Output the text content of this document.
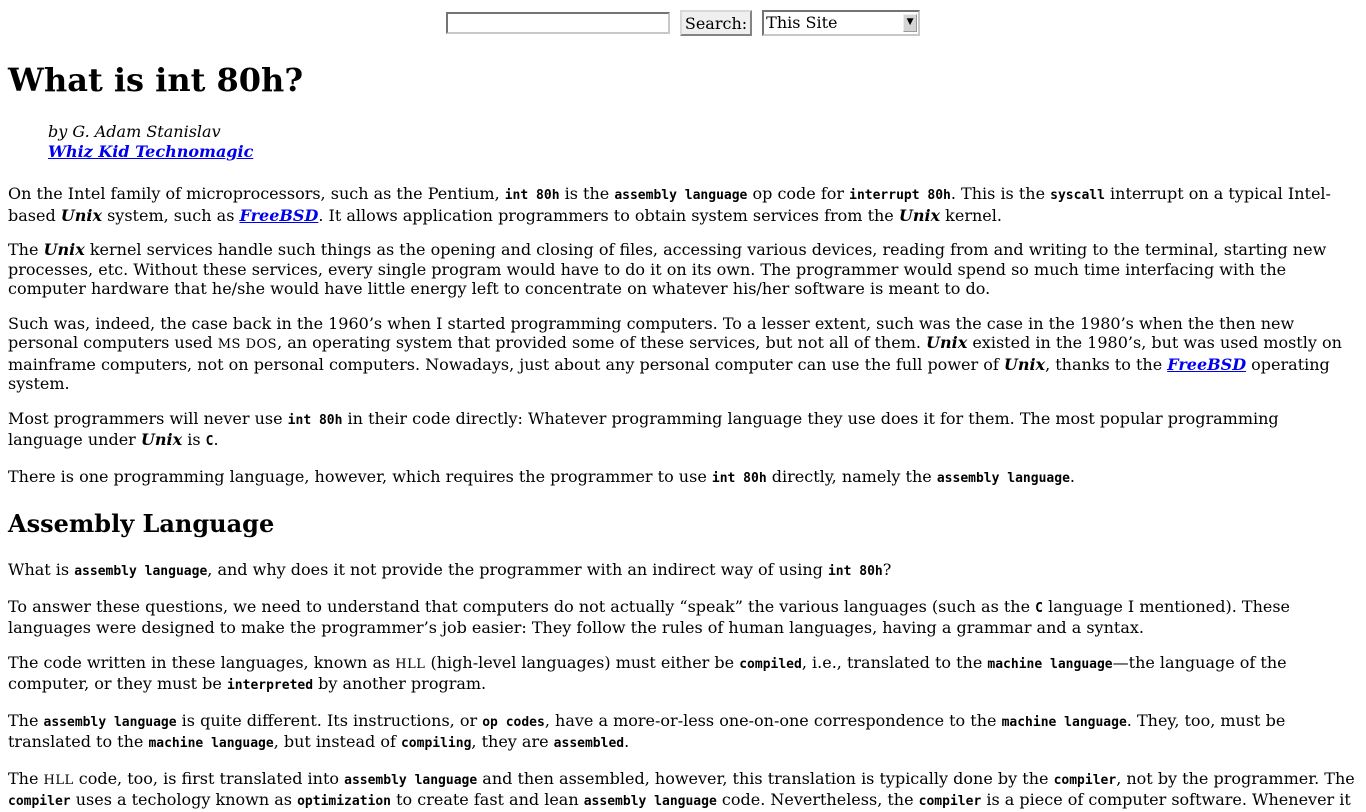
Search:	This Site	▼
What is int 80h?
by G. Adam Stanislav
Whiz Kid Technomagic

On the Intel family of microprocessors, such as the Pentium, int 80h is the assembly language op code for interrupt 80h. This is the syscall interrupt on a typical Intel-based Unix system, such as FreeBSD. It allows application programmers to obtain system services from the Unix kernel.

The Unix kernel services handle such things as the opening and closing of files, accessing various devices, reading from and writing to the terminal, starting new processes, etc. Without these services, every single program would have to do it on its own. The programmer would spend so much time interfacing with the computer hardware that he/she would have little energy left to concentrate on whatever his/her software is meant to do.

Such was, indeed, the case back in the 1960’s when I started programming computers. To a lesser extent, such was the case in the 1980’s when the then new personal computers used MS DOS, an operating system that provided some of these services, but not all of them. Unix existed in the 1980’s, but was used mostly on mainframe computers, not on personal computers. Nowadays, just about any personal computer can use the full power of Unix, thanks to the FreeBSD operating system.

Most programmers will never use int 80h in their code directly: Whatever programming language they use does it for them. The most popular programming language under Unix is C.

There is one programming language, however, which requires the programmer to use int 80h directly, namely the assembly language.

Assembly Language

What is assembly language, and why does it not provide the programmer with an indirect way of using int 80h?

To answer these questions, we need to understand that computers do not actually “speak” the various languages (such as the C language I mentioned). These languages were designed to make the programmer’s job easier: They follow the rules of human languages, having a grammar and a syntax.

The code written in these languages, known as HLL (high-level languages) must either be compiled, i.e., translated to the machine language—the language of the computer, or they must be interpreted by another program.

The assembly language is quite different. Its instructions, or op codes, have a more-or-less one-on-one correspondence to the machine language. They, too, must be translated to the machine language, but instead of compiling, they are assembled.

The HLL code, too, is first translated into assembly language and then assembled, however, this translation is typically done by the compiler, not by the programmer. The compiler uses a techology known as optimization to create fast and lean assembly language code. Nevertheless, the compiler is a piece of computer software. Whenever it
